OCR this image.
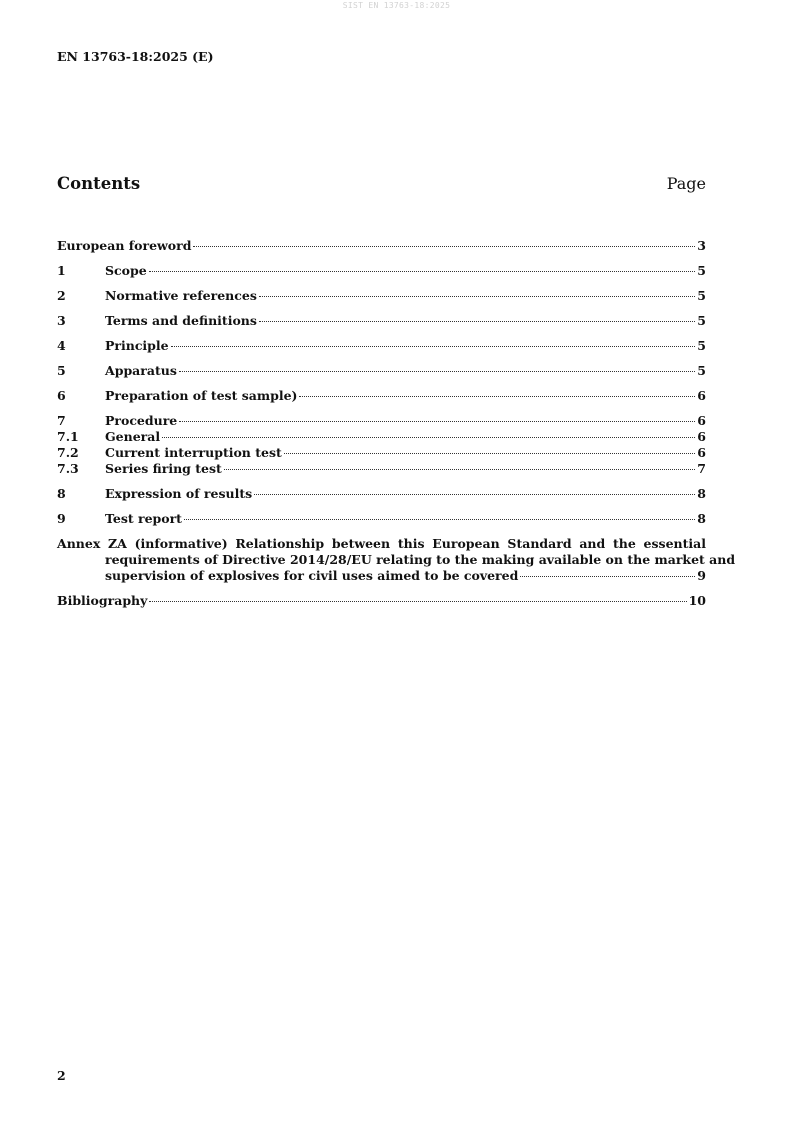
SIST EN 13763-18:2025
EN 13763-18:2025 (E)
Contents	Page
European foreword	3
1	Scope	5
2	Normative references	5
3	Terms and definitions	5
4	Principle	5
5	Apparatus	5
6	Preparation of test sample)	6
7	Procedure	6
7.1	General	6
7.2	Current interruption test	6
7.3	Series firing test	7
8	Expression of results	8
9	Test report	8
Annex ZA (informative) Relationship between this European Standard and the essential
requirements of Directive 2014/28/EU relating to the making available on the market and
supervision of explosives for civil uses aimed to be covered	9
Bibliography	10
2
